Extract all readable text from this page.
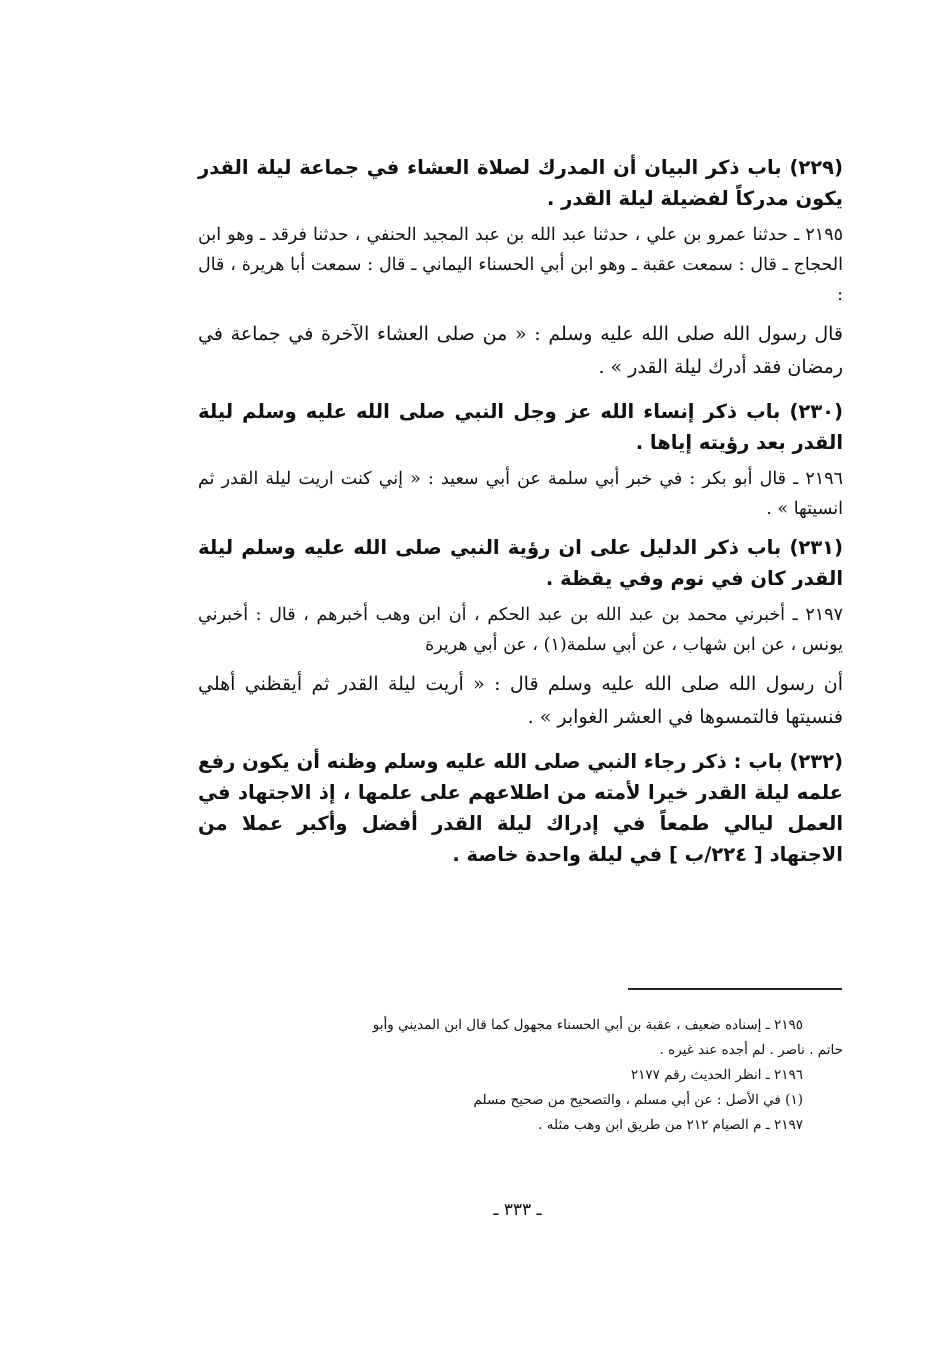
(٢٢٩) باب ذكر البيان أن المدرك لصلاة العشاء في جماعة ليلة القدر يكون مدركاً لفضيلة ليلة القدر .

٢١٩٥ ـ حدثنا عمرو بن علي ، حدثنا عبد الله بن عبد المجيد الحنفي ، حدثنا فرقد ـ وهو ابن الحجاج ـ قال : سمعت عقبة ـ وهو ابن أبي الحسناء اليماني ـ قال : سمعت أبا هريرة ، قال :

قال رسول الله صلى الله عليه وسلم : « من صلى العشاء الآخرة في جماعة في رمضان فقد أدرك ليلة القدر » .

(٢٣٠) باب ذكر إنساء الله عز وجل النبي صلى الله عليه وسلم ليلة القدر بعد رؤيته إياها .

٢١٩٦ ـ قال أبو بكر : في خبر أبي سلمة عن أبي سعيد : « إني كنت اريت ليلة القدر ثم انسيتها » .

(٢٣١) باب ذكر الدليل على ان رؤية النبي صلى الله عليه وسلم ليلة القدر كان في نوم وفي يقظة .

٢١٩٧ ـ أخبرني محمد بن عبد الله بن عبد الحكم ، أن ابن وهب أخبرهم ، قال : أخبرني يونس ، عن ابن شهاب ، عن أبي سلمة(١) ، عن أبي هريرة

أن رسول الله صلى الله عليه وسلم قال : « أريت ليلة القدر ثم أيقظني أهلي فنسيتها فالتمسوها في العشر الغوابر » .

(٢٣٢) باب : ذكر رجاء النبي صلى الله عليه وسلم وظنه أن يكون رفع علمه ليلة القدر خيرا لأمته من اطلاعهم على علمها ، إذ الاجتهاد في العمل ليالي طمعاً في إدراك ليلة القدر أفضل وأكبر عملا من الاجتهاد [ ٢٢٤/ب ] في ليلة واحدة خاصة .

٢١٩٥ ـ إسناده ضعيف ، عقبة بن أبي الحسناء مجهول كما قال ابن المديني وأبو

حاتم . ناصر . لم أجده عند غيره .

٢١٩٦ ـ انظر الحديث رقم ٢١٧٧

(١) في الأصل : عن أبي مسلم ، والتصحيح من صحيح مسلم

٢١٩٧ ـ م الصيام ٢١٢ من طريق ابن وهب مثله .

ـ ٣٣٣ ـ
